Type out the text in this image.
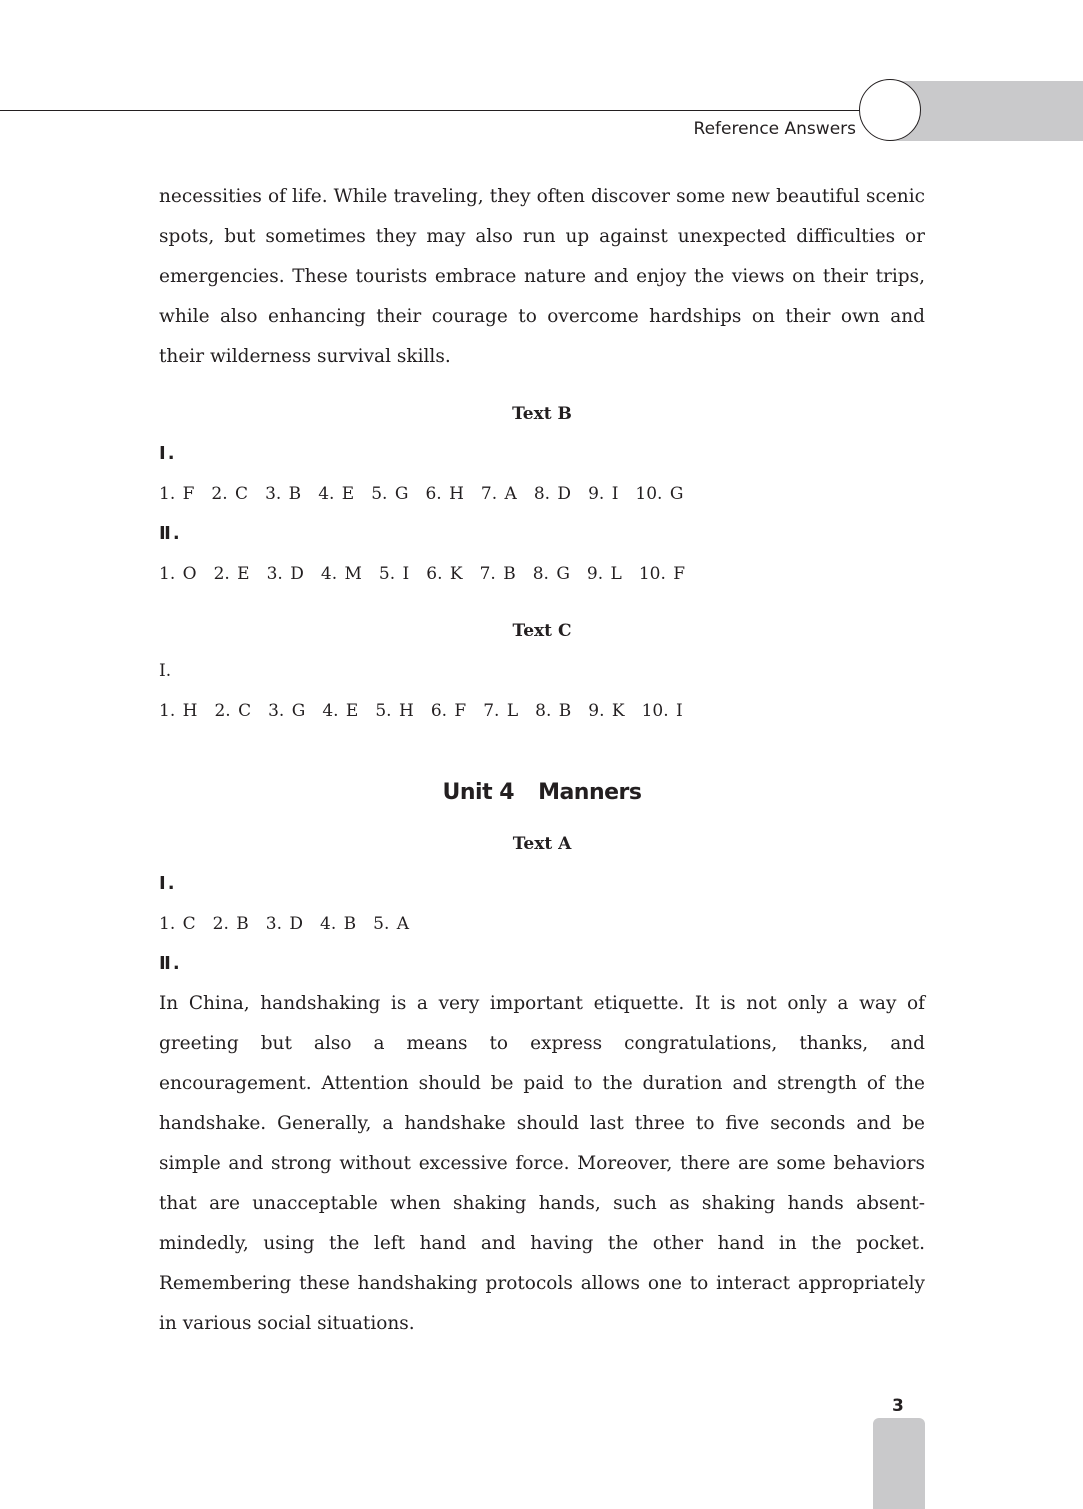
Reference Answers

necessities of life. While traveling, they often discover some new beautiful scenic spots, but sometimes they may also run up against unexpected difficulties or emergencies. These tourists embrace nature and enjoy the views on their trips, while also enhancing their courage to overcome hardships on their own and their wilderness survival skills.

Text B
Ⅰ.
1. F 2. C 3. B 4. E 5. G 6. H 7. A 8. D 9. I 10. G
Ⅱ.
1. O 2. E 3. D 4. M 5. I 6. K 7. B 8. G 9. L 10. F
Text C
I.
1. H 2. C 3. G 4. E 5. H 6. F 7. L 8. B 9. K 10. I
Unit 4 Manners
Text A
Ⅰ.
1. C 2. B 3. D 4. B 5. A
Ⅱ.

In China, handshaking is a very important etiquette. It is not only a way of greeting but also a means to express congratulations, thanks, and encouragement. Attention should be paid to the duration and strength of the handshake. Generally, a handshake should last three to five seconds and be simple and strong without excessive force. Moreover, there are some behaviors that are unacceptable when shaking hands, such as shaking hands absent-mindedly, using the left hand and having the other hand in the pocket. Remembering these handshaking protocols allows one to interact appropriately in various social situations.

3
